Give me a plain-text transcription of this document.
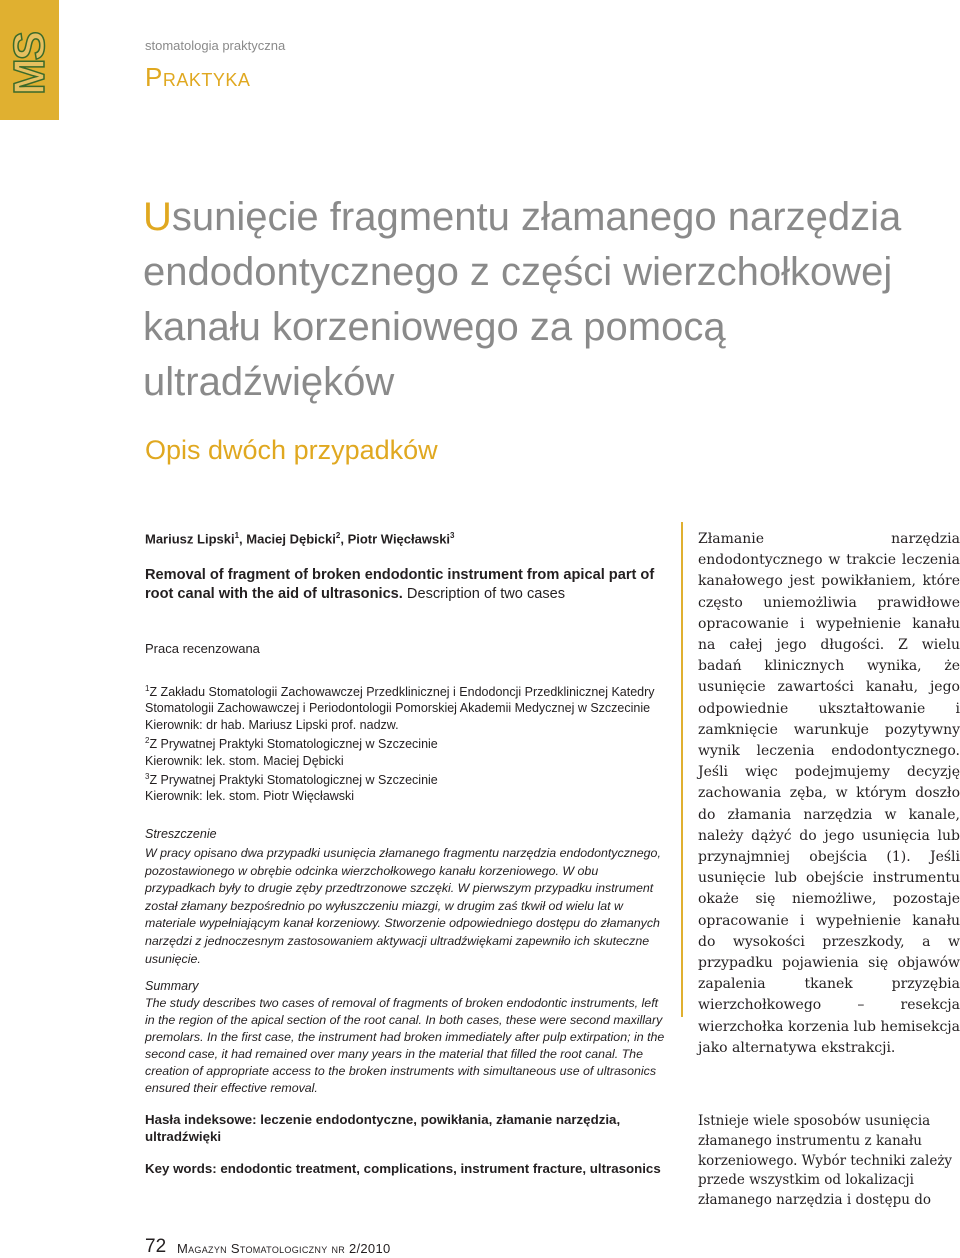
MS	stomatologia praktyczna
Praktyka
Usunięcie fragmentu złamanego narzędzia endodontycznego z części wierzchołkowej kanału korzeniowego za pomocą ultradźwięków
Opis dwóch przypadków
Mariusz Lipski$^1$, Maciej Dębicki$^2$, Piotr Więcławski$^3$
Removal of fragment of broken endodontic instrument from apical part of root canal with the aid of ultrasonics. Description of two cases
Praca recenzowana

$^1$Z Zakładu Stomatologii Zachowawczej Przedklinicznej i Endodoncji Przedklinicznej Katedry Stomatologii Zachowawczej i Periodontologii Pomorskiej Akademii Medycznej w Szczecinie

Kierownik: dr hab. Mariusz Lipski prof. nadzw.

$^2$Z Prywatnej Praktyki Stomatologicznej w Szczecinie

Kierownik: lek. stom. Maciej Dębicki

$^3$Z Prywatnej Praktyki Stomatologicznej w Szczecinie

Kierownik: lek. stom. Piotr Więcławski

Streszczenie

W pracy opisano dwa przypadki usunięcia złamanego fragmentu narzędzia endodontycznego, pozostawionego w obrębie odcinka wierzchołkowego kanału korzeniowego. W obu przypadkach były to drugie zęby przedtrzonowe szczęki. W pierwszym przypadku instrument został złamany bezpośrednio po wyłuszczeniu miazgi, w drugim zaś tkwił od wielu lat w materiale wypełniającym kanał korzeniowy. Stworzenie odpowiedniego dostępu do złamanych narzędzi z jednoczesnym zastosowaniem aktywacji ultradźwiękami zapewniło ich skuteczne usunięcie.

Summary

The study describes two cases of removal of fragments of broken endodontic instruments, left in the region of the apical section of the root canal. In both cases, these were second maxillary premolars. In the first case, the instrument had broken immediately after pulp extirpation; in the second case, it had remained over many years in the material that filled the root canal. The creation of appropriate access to the broken instruments with simultaneous use of ultrasonics ensured their effective removal.

Hasła indeksowe: leczenie endodontyczne, powikłania, złamanie narzędzia, ultradźwięki

Key words: endodontic treatment, complications, instrument fracture, ultrasonics

Złamanie narzędzia endodontycznego w trakcie leczenia kanałowego jest powikłaniem, które często uniemożliwia prawidłowe opracowanie i wypełnienie kanału na całej jego długości. Z wielu badań klinicznych wynika, że usunięcie zawartości kanału, jego odpowiednie ukształtowanie i zamknięcie warunkuje pozytywny wynik leczenia endodontycznego. Jeśli więc podejmujemy decyzję zachowania zęba, w którym doszło do złamania narzędzia w kanale, należy dążyć do jego usunięcia lub przynajmniej obejścia (1). Jeśli usunięcie lub obejście instrumentu okaże się niemożliwe, pozostaje opracowanie i wypełnienie kanału do wysokości przeszkody, a w przypadku pojawienia się objawów zapalenia tkanek przyzębia wierzchołkowego – resekcja wierzchołka korzenia lub hemisekcja jako alternatywa ekstrakcji.

Istnieje wiele sposobów usunięcia złamanego instrumentu z kanału korzeniowego. Wybór techniki zależy przede wszystkim od lokalizacji złamanego narzędzia i dostępu do

72 Magazyn Stomatologiczny nr 2/2010
